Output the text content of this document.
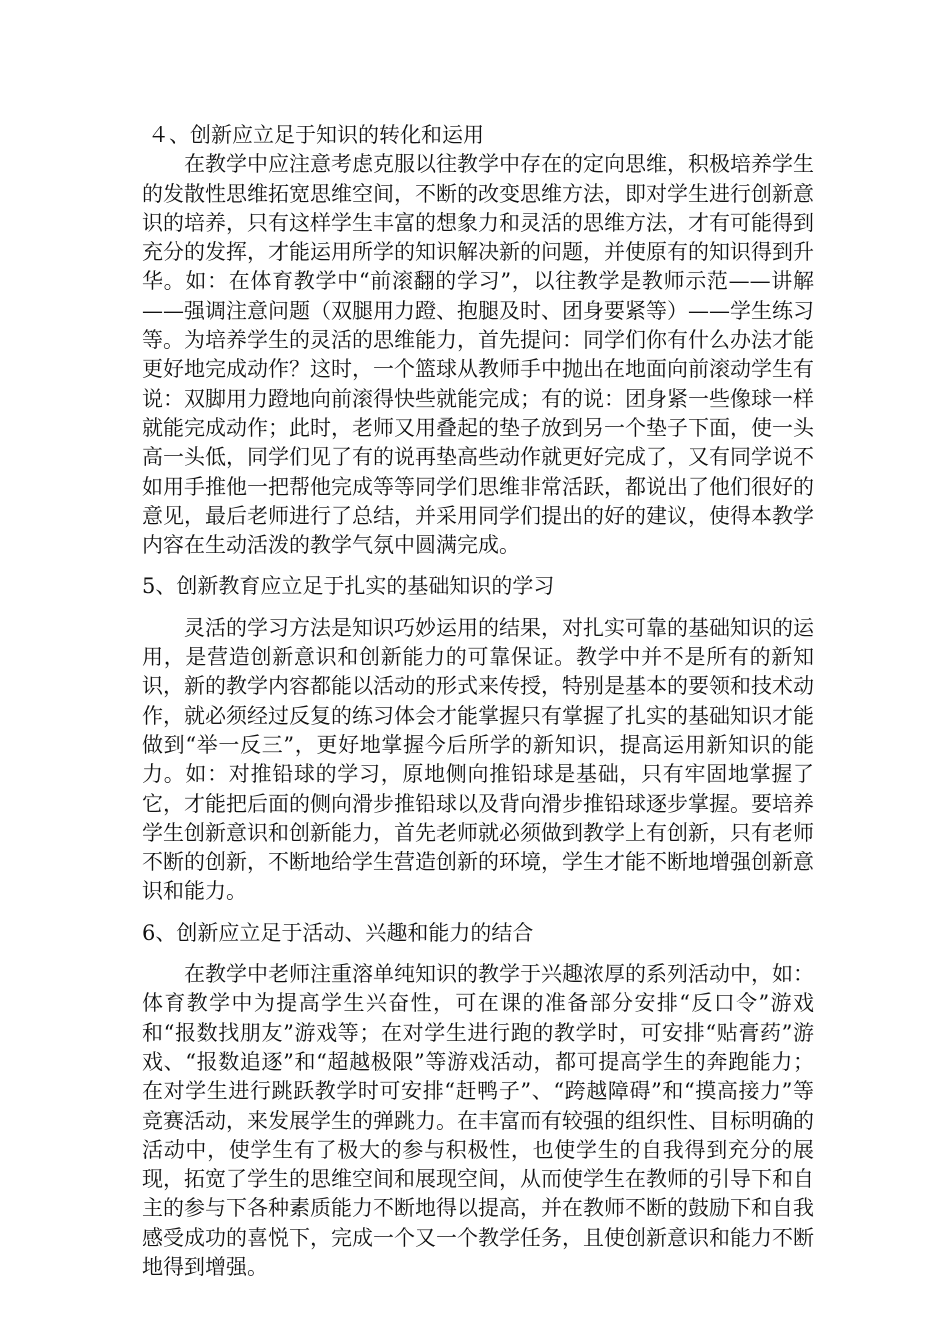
４、创新应立足于知识的转化和运用

在教学中应注意考虑克服以往教学中存在的定向思维，积极培养学生的发散性思维拓宽思维空间，不断的改变思维方法，即对学生进行创新意识的培养，只有这样学生丰富的想象力和灵活的思维方法，才有可能得到充分的发挥，才能运用所学的知识解决新的问题，并使原有的知识得到升华。如：在体育教学中“前滚翻的学习”，以往教学是教师示范——讲解——强调注意问题（双腿用力蹬、抱腿及时、团身要紧等）——学生练习等。为培养学生的灵活的思维能力，首先提问：同学们你有什么办法才能更好地完成动作？这时，一个篮球从教师手中抛出在地面向前滚动学生有说：双脚用力蹬地向前滚得快些就能完成；有的说：团身紧一些像球一样就能完成动作；此时，老师又用叠起的垫子放到另一个垫子下面，使一头高一头低，同学们见了有的说再垫高些动作就更好完成了，又有同学说不如用手推他一把帮他完成等等同学们思维非常活跃，都说出了他们很好的意见，最后老师进行了总结，并采用同学们提出的好的建议，使得本教学内容在生动活泼的教学气氛中圆满完成。

5、创新教育应立足于扎实的基础知识的学习

灵活的学习方法是知识巧妙运用的结果，对扎实可靠的基础知识的运用，是营造创新意识和创新能力的可靠保证。教学中并不是所有的新知识，新的教学内容都能以活动的形式来传授，特别是基本的要领和技术动作，就必须经过反复的练习体会才能掌握只有掌握了扎实的基础知识才能做到“举一反三”，更好地掌握今后所学的新知识，提高运用新知识的能力。如：对推铅球的学习，原地侧向推铅球是基础，只有牢固地掌握了它，才能把后面的侧向滑步推铅球以及背向滑步推铅球逐步掌握。要培养学生创新意识和创新能力，首先老师就必须做到教学上有创新，只有老师不断的创新，不断地给学生营造创新的环境，学生才能不断地增强创新意识和能力。

6、创新应立足于活动、兴趣和能力的结合

在教学中老师注重溶单纯知识的教学于兴趣浓厚的系列活动中，如：体育教学中为提高学生兴奋性，可在课的准备部分安排“反口令”游戏和“报数找朋友”游戏等；在对学生进行跑的教学时，可安排“贴膏药”游戏、“报数追逐”和“超越极限”等游戏活动，都可提高学生的奔跑能力；在对学生进行跳跃教学时可安排“赶鸭子”、“跨越障碍”和“摸高接力”等竞赛活动，来发展学生的弹跳力。在丰富而有较强的组织性、目标明确的活动中，使学生有了极大的参与积极性，也使学生的自我得到充分的展现，拓宽了学生的思维空间和展现空间，从而使学生在教师的引导下和自主的参与下各种素质能力不断地得以提高，并在教师不断的鼓励下和自我感受成功的喜悦下，完成一个又一个教学任务，且使创新意识和能力不断地得到增强。
